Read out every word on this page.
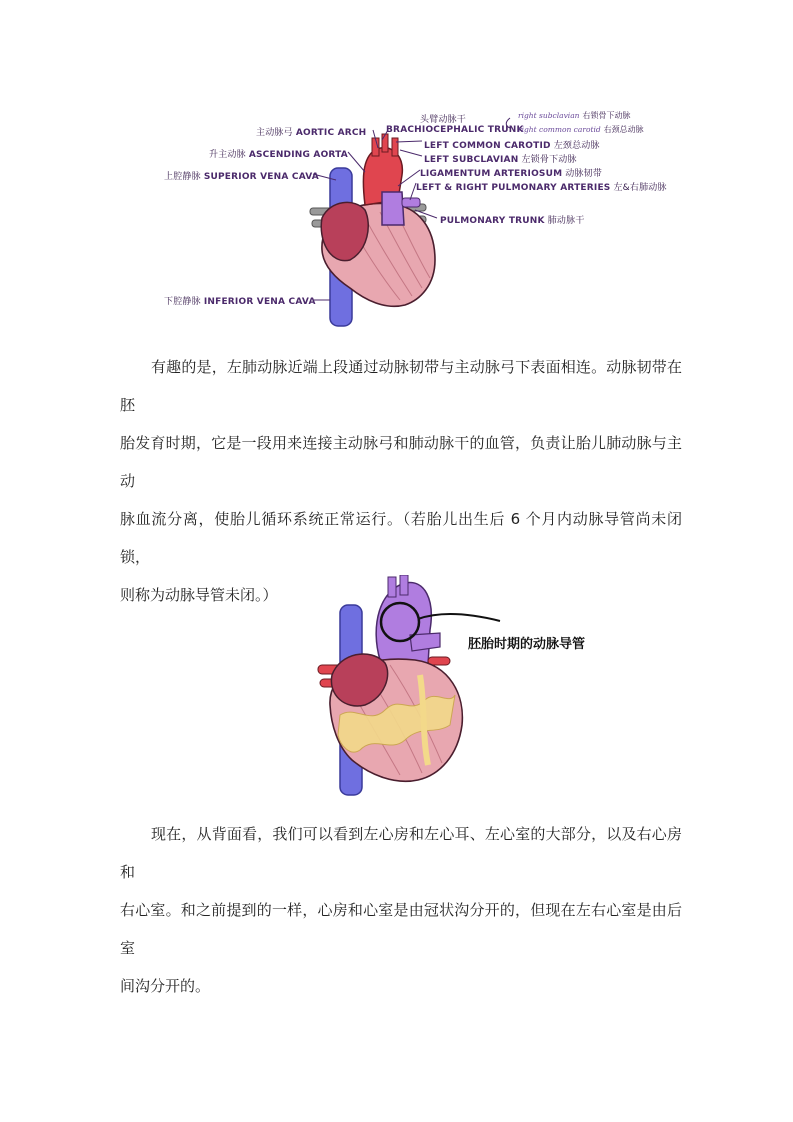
主动脉弓 AORTIC ARCH
升主动脉 ASCENDING AORTA
上腔静脉 SUPERIOR VENA CAVA
下腔静脉 INFERIOR VENA CAVA
头臂动脉干
BRACHIOCEPHALIC TRUNK
right subclavian 右锁骨下动脉
right common carotid 右颈总动脉
LEFT COMMON CAROTID 左颈总动脉
LEFT SUBCLAVIAN 左锁骨下动脉
LIGAMENTUM ARTERIOSUM 动脉韧带
LEFT & RIGHT PULMONARY ARTERIES 左&右肺动脉
PULMONARY TRUNK 肺动脉干
有趣的是，左肺动脉近端上段通过动脉韧带与主动脉弓下表面相连。动脉韧带在胚
胎发育时期，它是一段用来连接主动脉弓和肺动脉干的血管，负责让胎儿肺动脉与主动
脉血流分离，使胎儿循环系统正常运行。（若胎儿出生后 6 个月内动脉导管尚未闭锁，
则称为动脉导管未闭。）
胚胎时期的动脉导管
现在，从背面看，我们可以看到左心房和左心耳、左心室的大部分，以及右心房和
右心室。和之前提到的一样，心房和心室是由冠状沟分开的，但现在左右心室是由后室
间沟分开的。
